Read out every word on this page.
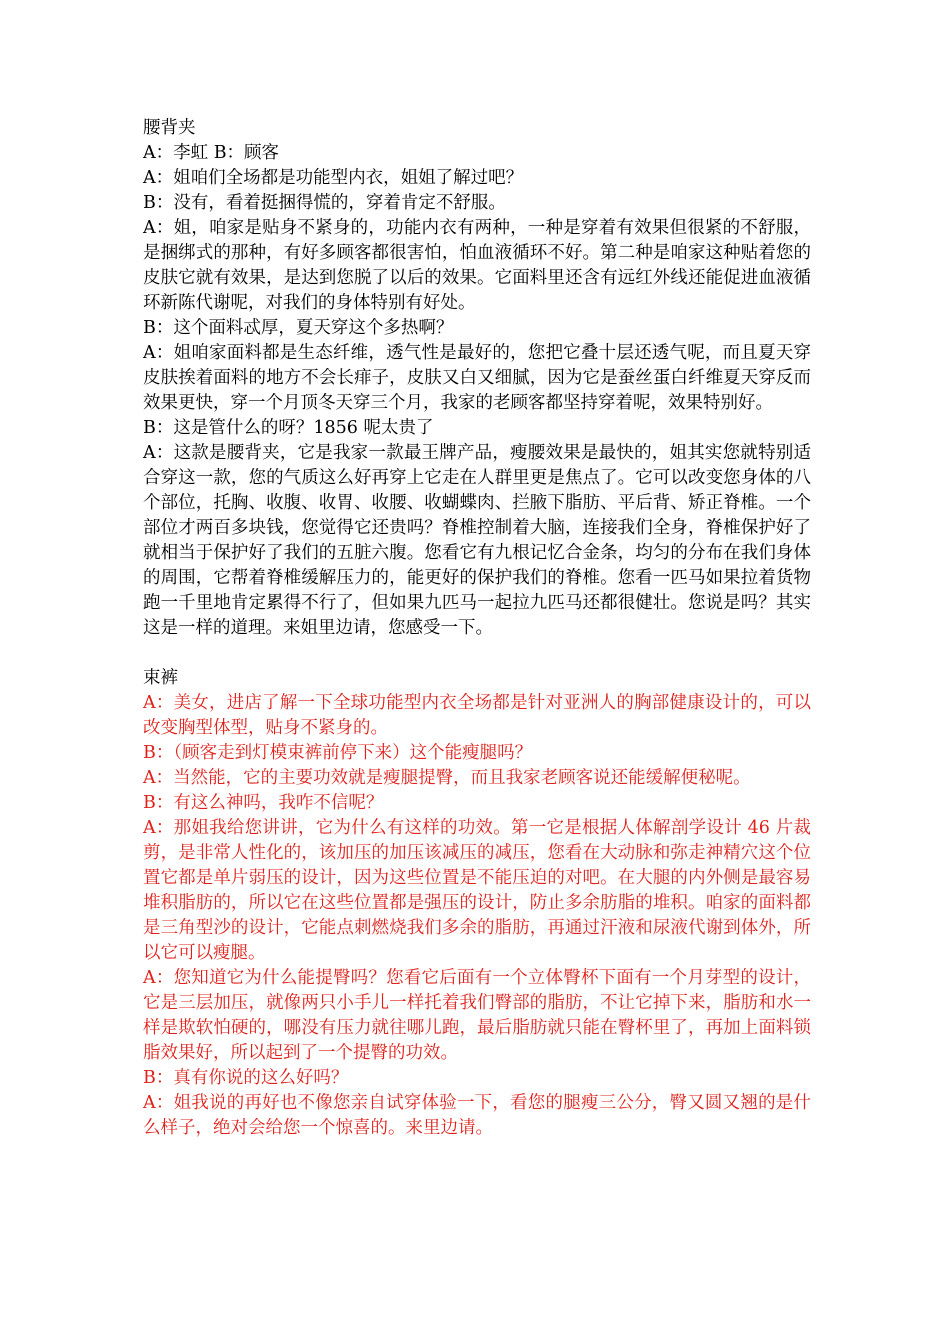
腰背夹

A：李虹 B：顾客

A：姐咱们全场都是功能型内衣，姐姐了解过吧？

B：没有，看着挺捆得慌的，穿着肯定不舒服。

A：姐，咱家是贴身不紧身的，功能内衣有两种，一种是穿着有效果但很紧的不舒服，是捆绑式的那种，有好多顾客都很害怕，怕血液循环不好。第二种是咱家这种贴着您的皮肤它就有效果，是达到您脱了以后的效果。它面料里还含有远红外线还能促进血液循环新陈代谢呢，对我们的身体特别有好处。

B：这个面料忒厚，夏天穿这个多热啊？

A：姐咱家面料都是生态纤维，透气性是最好的，您把它叠十层还透气呢，而且夏天穿皮肤挨着面料的地方不会长痱子，皮肤又白又细腻，因为它是蚕丝蛋白纤维夏天穿反而效果更快，穿一个月顶冬天穿三个月，我家的老顾客都坚持穿着呢，效果特别好。

B：这是管什么的呀？1856 呢太贵了

A：这款是腰背夹，它是我家一款最王牌产品，瘦腰效果是最快的，姐其实您就特别适合穿这一款，您的气质这么好再穿上它走在人群里更是焦点了。它可以改变您身体的八个部位，托胸、收腹、收胃、收腰、收蝴蝶肉、拦腋下脂肪、平后背、矫正脊椎。一个部位才两百多块钱，您觉得它还贵吗？脊椎控制着大脑，连接我们全身，脊椎保护好了就相当于保护好了我们的五脏六腹。您看它有九根记忆合金条，均匀的分布在我们身体的周围，它帮着脊椎缓解压力的，能更好的保护我们的脊椎。您看一匹马如果拉着货物跑一千里地肯定累得不行了，但如果九匹马一起拉九匹马还都很健壮。您说是吗？其实这是一样的道理。来姐里边请，您感受一下。

束裤

A：美女，进店了解一下全球功能型内衣全场都是针对亚洲人的胸部健康设计的，可以改变胸型体型，贴身不紧身的。

B：（顾客走到灯模束裤前停下来）这个能瘦腿吗？

A：当然能，它的主要功效就是瘦腿提臀，而且我家老顾客说还能缓解便秘呢。

B：有这么神吗，我咋不信呢？

A：那姐我给您讲讲，它为什么有这样的功效。第一它是根据人体解剖学设计 46 片裁剪，是非常人性化的，该加压的加压该减压的减压，您看在大动脉和弥走神精穴这个位置它都是单片弱压的设计，因为这些位置是不能压迫的对吧。在大腿的内外侧是最容易堆积脂肪的，所以它在这些位置都是强压的设计，防止多余肪脂的堆积。咱家的面料都是三角型沙的设计，它能点刺燃烧我们多余的脂肪，再通过汗液和尿液代谢到体外，所以它可以瘦腿。

A：您知道它为什么能提臀吗？您看它后面有一个立体臀杯下面有一个月芽型的设计，它是三层加压，就像两只小手儿一样托着我们臀部的脂肪，不让它掉下来，脂肪和水一样是欺软怕硬的，哪没有压力就往哪儿跑，最后脂肪就只能在臀杯里了，再加上面料锁脂效果好，所以起到了一个提臀的功效。

B：真有你说的这么好吗？

A：姐我说的再好也不像您亲自试穿体验一下，看您的腿瘦三公分，臀又圆又翘的是什么样子，绝对会给您一个惊喜的。来里边请。
